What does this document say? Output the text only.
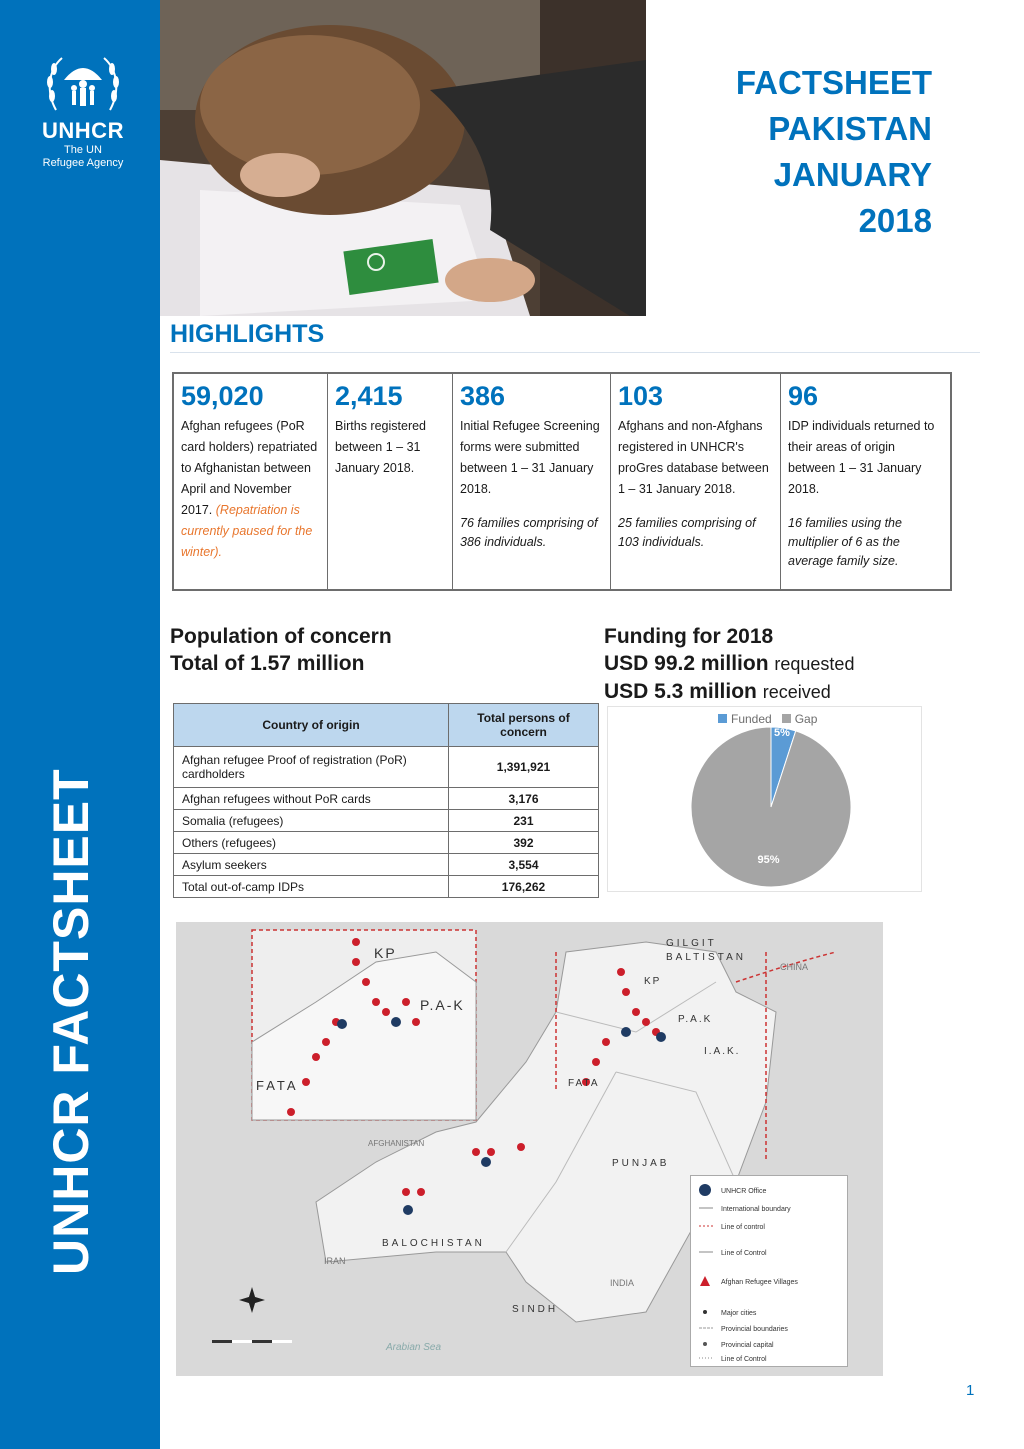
UNHCR
The UN
Refugee Agency
UNHCR FACTSHEET
FACTSHEET
PAKISTAN
JANUARY
2018
HIGHLIGHTS
59,020
Afghan refugees (PoR card holders) repatriated to Afghanistan between April and November 2017. (Repatriation is currently paused for the winter).
2,415
Births registered between 1 – 31 January 2018.
386
Initial Refugee Screening forms were submitted between 1 – 31 January 2018.
76 families comprising of 386 individuals.
103
Afghans and non-Afghans registered in UNHCR's proGres database between 1 – 31 January 2018.
25 families comprising of 103 individuals.
96
IDP individuals returned to their areas of origin between 1 – 31 January 2018.
16 families using the multiplier of 6 as the average family size.
Population of concern
Total of 1.57 million
Funding for 2018
USD 99.2 million requested
USD 5.3 million received
Country of origin	Total persons of concern
Afghan refugee Proof of registration (PoR) cardholders	1,391,921
Afghan refugees without PoR cards	3,176
Somalia (refugees)	231
Others (refugees)	392
Asylum seekers	3,554
Total out-of-camp IDPs	176,262
Funded	Gap
5%
95%
KP
P.A-K
FATA
GILGIT
BALTISTAN
CHINA
KP
P.A.K
I.A.K.
FATA
AFGHANISTAN
PUNJAB
BALOCHISTAN
IRAN
INDIA
SINDH
Arabian Sea
UNHCR Office
International boundary
Line of control
Line of Control
Afghan Refugee Villages
Major cities
Provincial boundaries
Provincial capital
Line of Control
1
